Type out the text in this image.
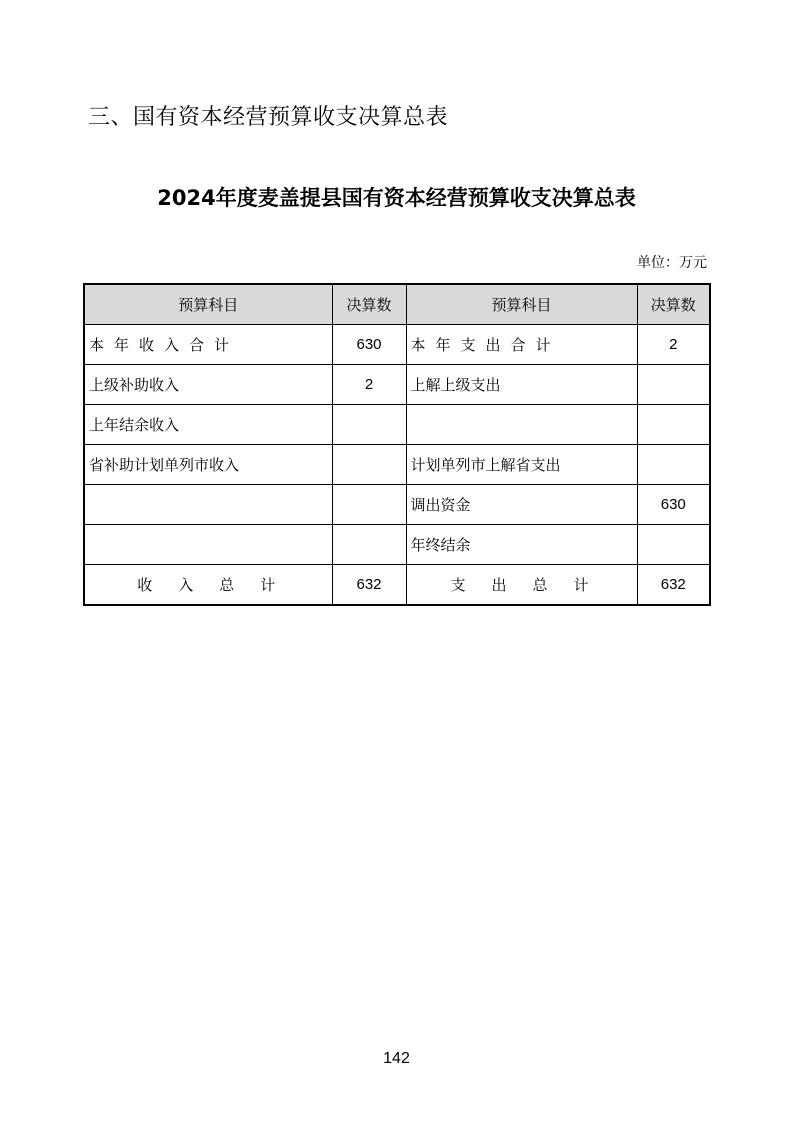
三、国有资本经营预算收支决算总表
2024年度麦盖提县国有资本经营预算收支决算总表
单位：万元
预算科目	决算数	预算科目	决算数
本年收入合计	630	本年支出合计	2
上级补助收入	2	上解上级支出	
上年结余收入			
省补助计划单列市收入		计划单列市上解省支出	
		调出资金	630
		年终结余	
收入总计	632	支出总计	632
142
